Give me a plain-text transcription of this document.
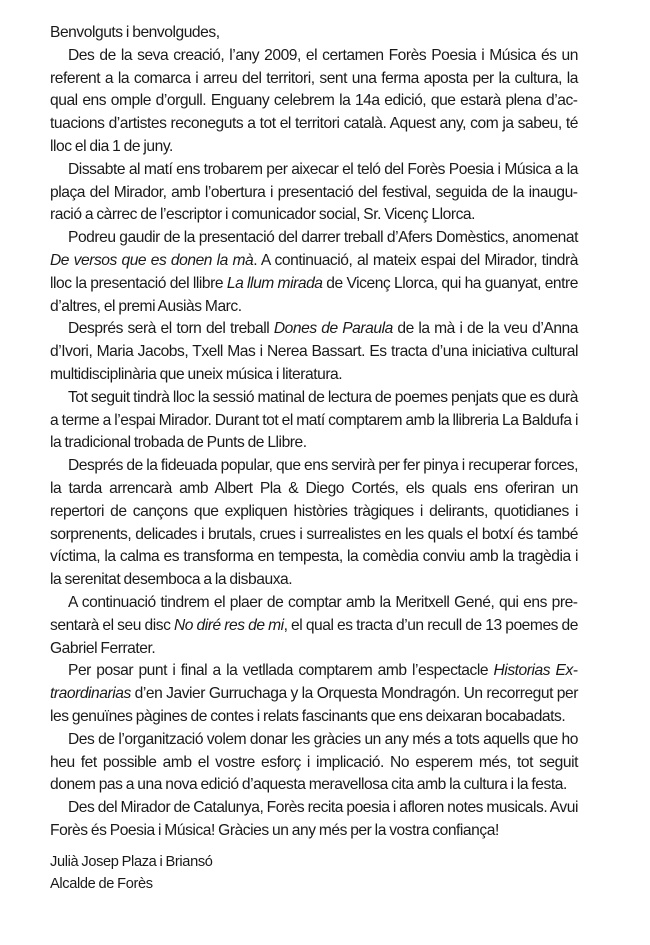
Benvolguts i benvolgudes,

Des de la seva creació, l’any 2009, el certamen Forès Poesia i Música és un referent a la comarca i arreu del territori, sent una ferma aposta per la cultura, la qual ens omple d’orgull. Enguany celebrem la 14a edició, que estarà plena d’actuacions d’artistes reconeguts a tot el territori català. Aquest any, com ja sabeu, té lloc el dia 1 de juny.

Dissabte al matí ens trobarem per aixecar el teló del Forès Poesia i Música a la plaça del Mirador, amb l’obertura i presentació del festival, seguida de la inauguració a càrrec de l’escriptor i comunicador social, Sr. Vicenç Llorca.

Podreu gaudir de la presentació del darrer treball d’Afers Domèstics, anomenat De versos que es donen la mà. A continuació, al mateix espai del Mirador, tindrà lloc la presentació del llibre La llum mirada de Vicenç Llorca, qui ha guanyat, entre d’altres, el premi Ausiàs Marc.

Després serà el torn del treball Dones de Paraula de la mà i de la veu d’Anna d’Ivori, Maria Jacobs, Txell Mas i Nerea Bassart. Es tracta d’una iniciativa cultural multidisciplinària que uneix música i literatura.

Tot seguit tindrà lloc la sessió matinal de lectura de poemes penjats que es durà a terme a l’espai Mirador. Durant tot el matí comptarem amb la llibreria La Baldufa i la tradicional trobada de Punts de Llibre.

Després de la fideuada popular, que ens servirà per fer pinya i recuperar forces, la tarda arrencarà amb Albert Pla & Diego Cortés, els quals ens oferiran un repertori de cançons que expliquen històries tràgiques i delirants, quotidianes i sorprenents, delicades i brutals, crues i surrealistes en les quals el botxí és també víctima, la calma es transforma en tempesta, la comèdia conviu amb la tragèdia i la serenitat desemboca a la disbauxa.

A continuació tindrem el plaer de comptar amb la Meritxell Gené, qui ens presentarà el seu disc No diré res de mi, el qual es tracta d’un recull de 13 poemes de Gabriel Ferrater.

Per posar punt i final a la vetllada comptarem amb l’espectacle Historias Extraordinarias d’en Javier Gurruchaga y la Orquesta Mondragón. Un recorregut per les genuïnes pàgines de contes i relats fascinants que ens deixaran bocabadats.

Des de l’organització volem donar les gràcies un any més a tots aquells que ho heu fet possible amb el vostre esforç i implicació. No esperem més, tot seguit donem pas a una nova edició d’aquesta meravellosa cita amb la cultura i la festa.

Des del Mirador de Catalunya, Forès recita poesia i afloren notes musicals. Avui Forès és Poesia i Música! Gràcies un any més per la vostra confiança!

Julià Josep Plaza i Briansó
Alcalde de Forès
